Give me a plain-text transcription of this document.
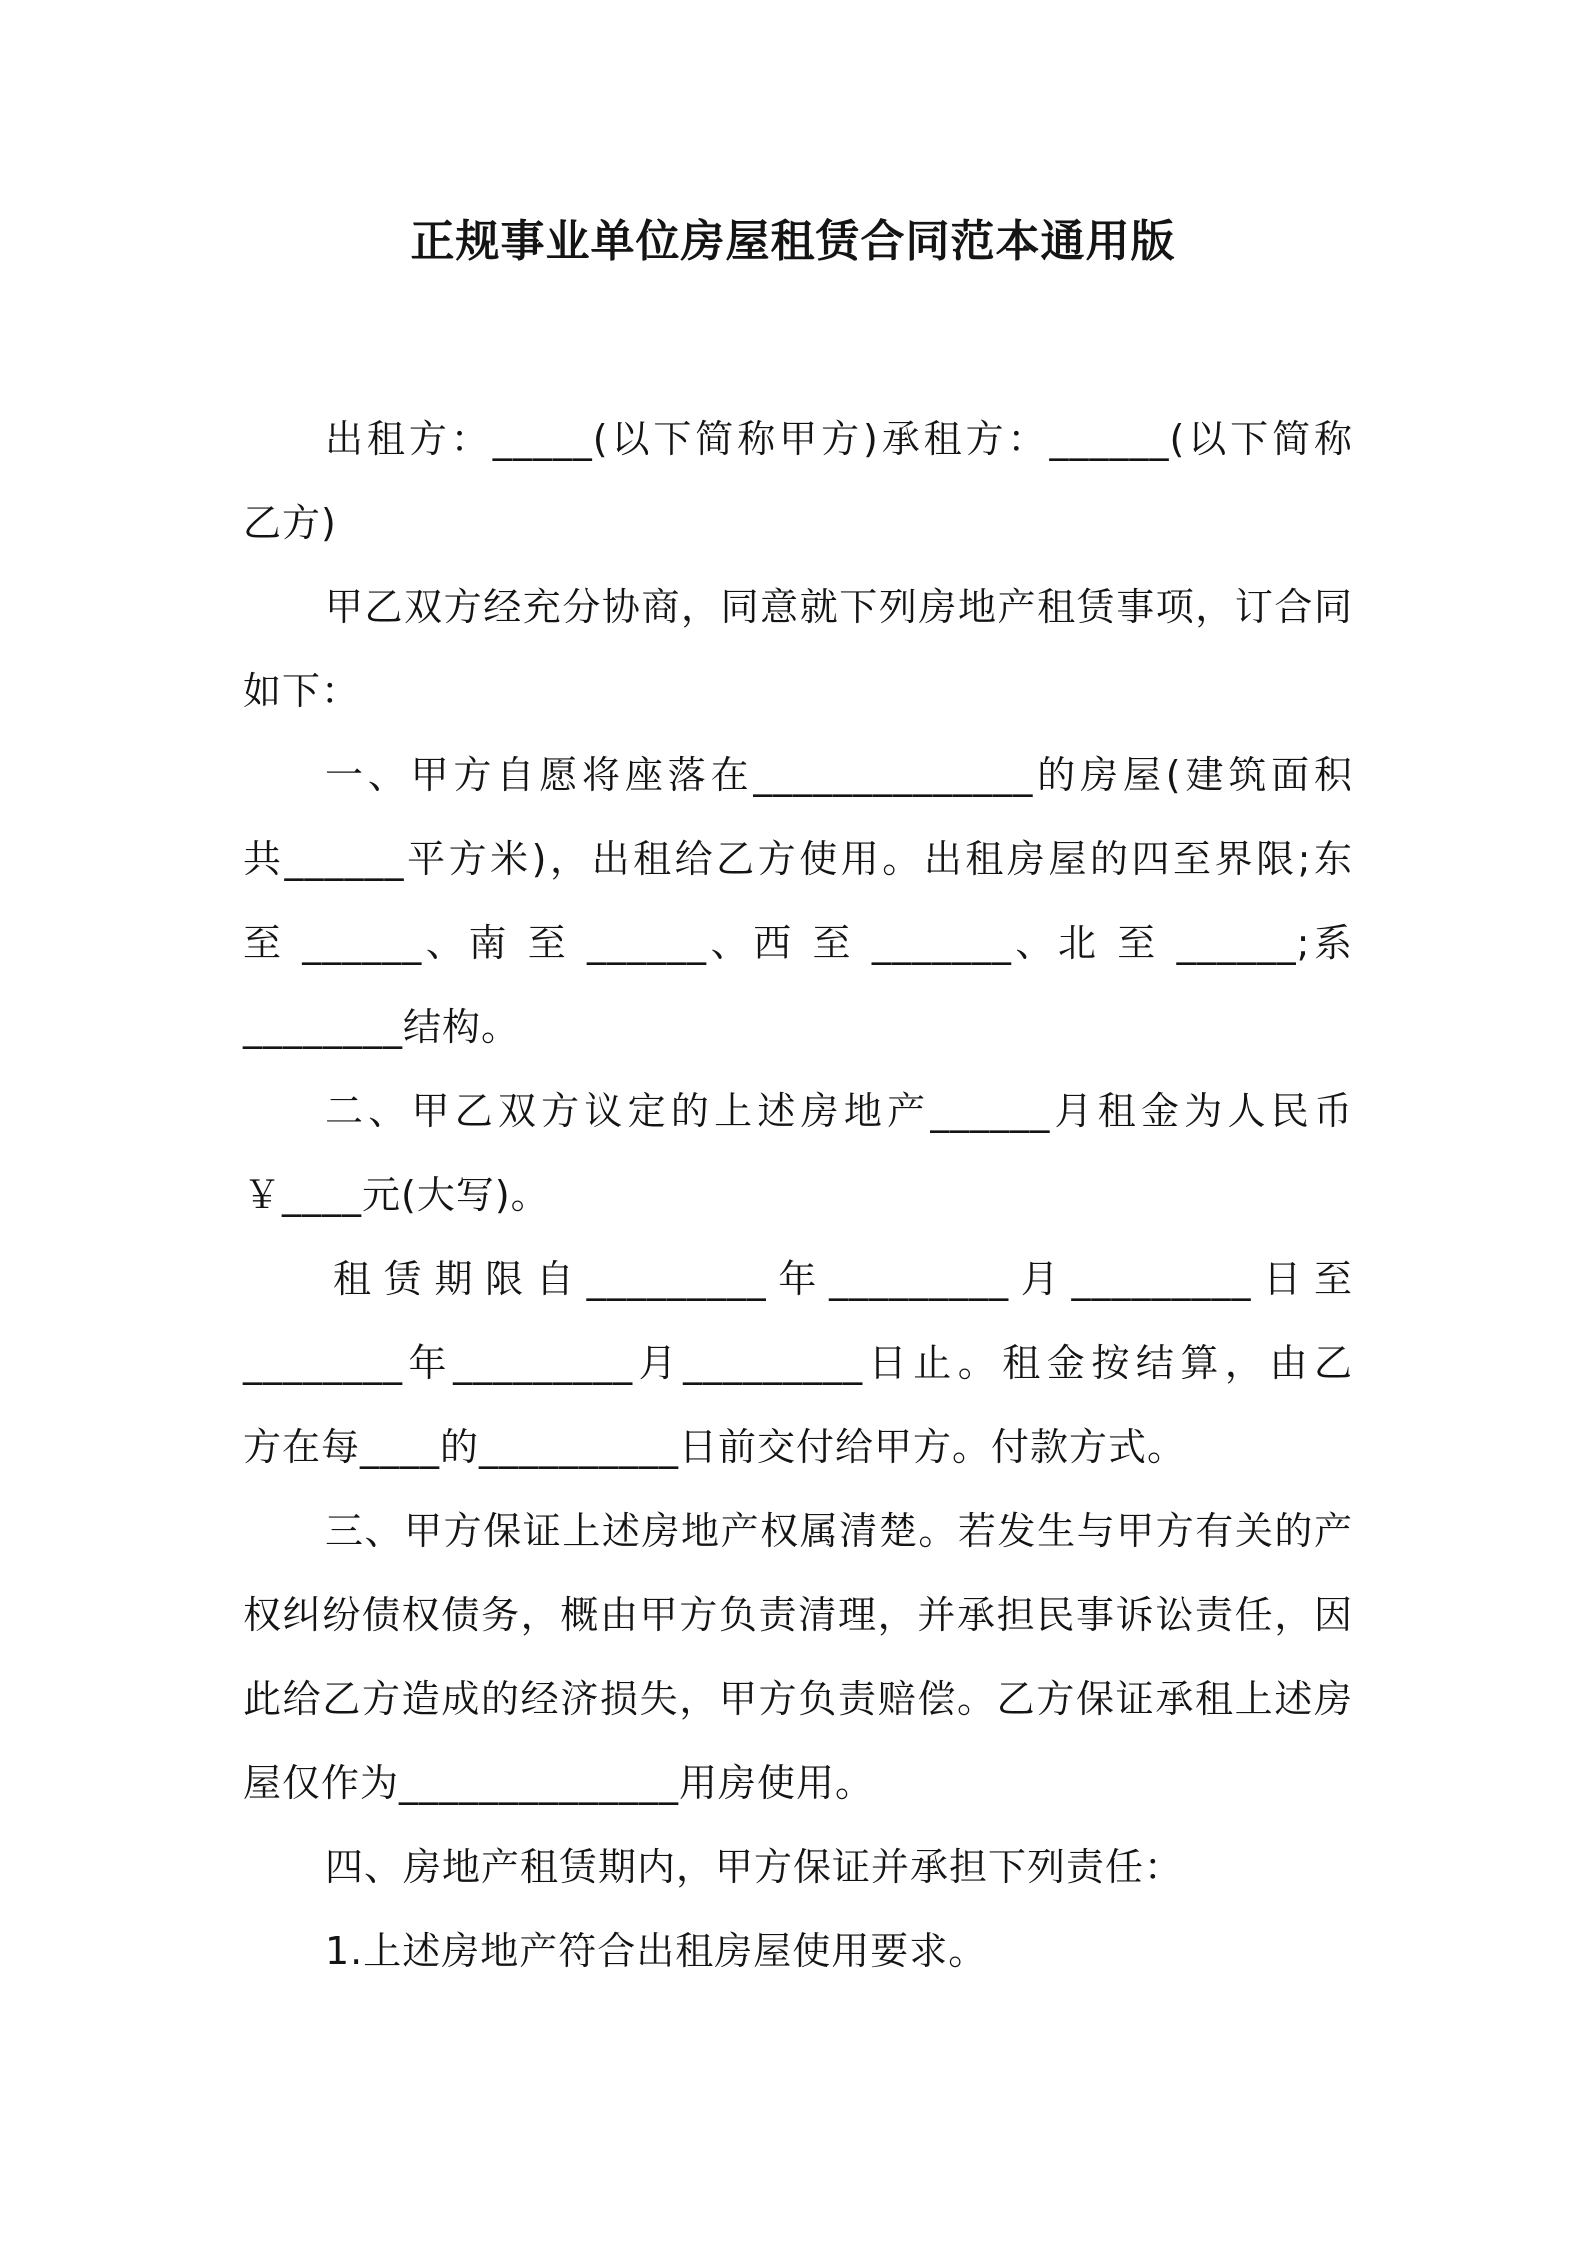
正规事业单位房屋租赁合同范本通用版
出租方：_____(以下简称甲方)承租方：______(以下简称
乙方)
甲乙双方经充分协商，同意就下列房地产租赁事项，订合同
如下：
一、甲方自愿将座落在______________的房屋(建筑面积
共______平方米)，出租给乙方使用。出租房屋的四至界限;东
至 ______、南 至 ______、西 至 _______、北 至 ______;系
________结构。
二、甲乙双方议定的上述房地产______月租金为人民币
￥____元(大写)。
租赁期限自_________年_________月_________日至
________年_________月_________日止。租金按结算，由乙
方在每____的__________日前交付给甲方。付款方式。
三、甲方保证上述房地产权属清楚。若发生与甲方有关的产
权纠纷债权债务，概由甲方负责清理，并承担民事诉讼责任，因
此给乙方造成的经济损失，甲方负责赔偿。乙方保证承租上述房
屋仅作为______________用房使用。
四、房地产租赁期内，甲方保证并承担下列责任：
1.上述房地产符合出租房屋使用要求。
